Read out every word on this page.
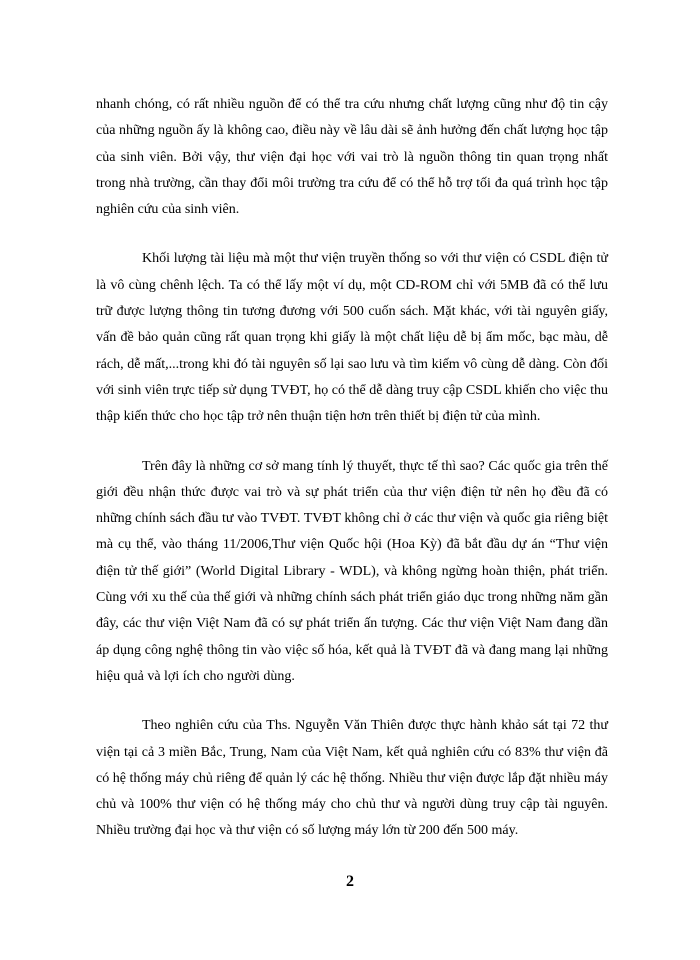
nhanh chóng, có rất nhiều nguồn để có thể tra cứu nhưng chất lượng cũng như độ tin cậy của những nguồn ấy là không cao, điều này về lâu dài sẽ ảnh hưởng đến chất lượng học tập của sinh viên. Bởi vậy, thư viện đại học với vai trò là nguồn thông tin quan trọng nhất trong nhà trường, cần thay đổi môi trường tra cứu để có thể hỗ trợ tối đa quá trình học tập nghiên cứu của sinh viên.

Khối lượng tài liệu mà một thư viện truyền thống so với thư viện có CSDL điện tử là vô cùng chênh lệch. Ta có thể lấy một ví dụ, một CD-ROM chỉ với 5MB đã có thể lưu trữ được lượng thông tin tương đương với 500 cuốn sách. Mặt khác, với tài nguyên giấy, vấn đề bảo quản cũng rất quan trọng khi giấy là một chất liệu dễ bị ẩm mốc, bạc màu, dễ rách, dễ mất,...trong khi đó tài nguyên số lại sao lưu và tìm kiếm vô cùng dễ dàng. Còn đối với sinh viên trực tiếp sử dụng TVĐT, họ có thể dễ dàng truy cập CSDL khiến cho việc thu thập kiến thức cho học tập trở nên thuận tiện hơn trên thiết bị điện tử của mình.

Trên đây là những cơ sở mang tính lý thuyết, thực tế thì sao? Các quốc gia trên thế giới đều nhận thức được vai trò và sự phát triển của thư viện điện tử nên họ đều đã có những chính sách đầu tư vào TVĐT. TVĐT không chỉ ở các thư viện và quốc gia riêng biệt mà cụ thể, vào tháng 11/2006,Thư viện Quốc hội (Hoa Kỳ) đã bắt đầu dự án “Thư viện điện tử thế giới” (World Digital Library - WDL), và không ngừng hoàn thiện, phát triển. Cùng với xu thế của thế giới và những chính sách phát triển giáo dục trong những năm gần đây, các thư viện Việt Nam đã có sự phát triển ấn tượng. Các thư viện Việt Nam đang dần áp dụng công nghệ thông tin vào việc số hóa, kết quả là TVĐT đã và đang mang lại những hiệu quả và lợi ích cho người dùng.

Theo nghiên cứu của Ths. Nguyễn Văn Thiên được thực hành khảo sát tại 72 thư viện tại cả 3 miền Bắc, Trung, Nam của Việt Nam, kết quả nghiên cứu có 83% thư viện đã có hệ thống máy chủ riêng để quản lý các hệ thống. Nhiều thư viện được lắp đặt nhiều máy chủ và 100% thư viện có hệ thống máy cho chủ thư và người dùng truy cập tài nguyên. Nhiều trường đại học và thư viện có số lượng máy lớn từ 200 đến 500 máy.

2
